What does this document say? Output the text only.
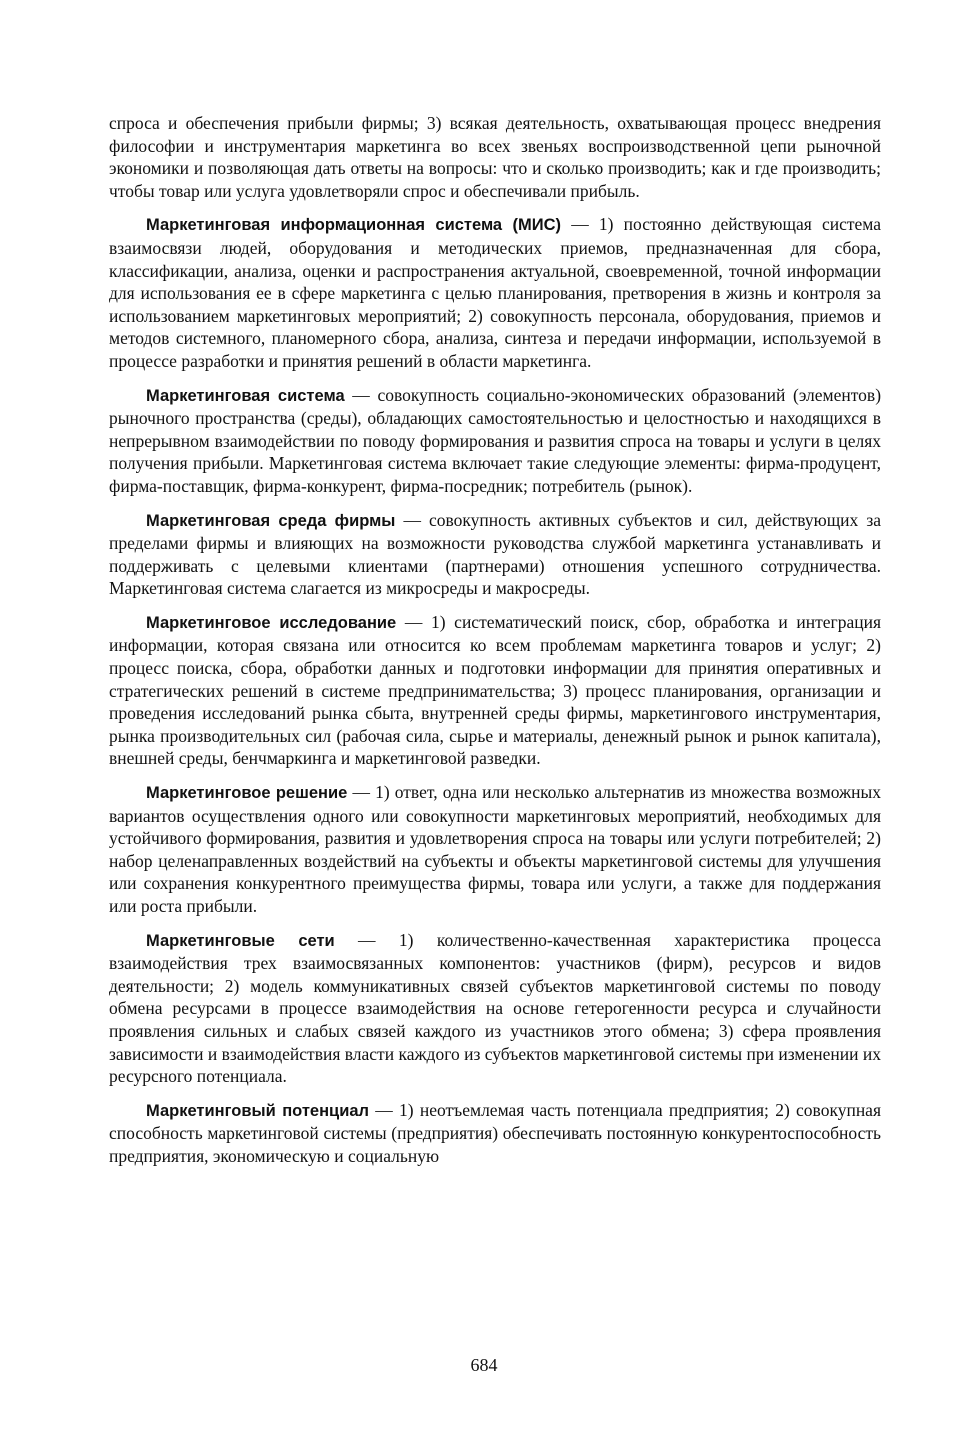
спроса и обеспечения прибыли фирмы; 3) всякая деятельность, охватывающая процесс внедрения философии и инструментария маркетинга во всех звеньях воспроизводственной цепи рыночной экономики и позволяющая дать ответы на вопросы: что и сколько производить; как и где производить; чтобы товар или услуга удовлетворяли спрос и обеспечивали прибыль.

Маркетинговая информационная система (МИС) — 1) постоянно действующая система взаимосвязи людей, оборудования и методических приемов, предназначенная для сбора, классификации, анализа, оценки и распространения актуальной, своевременной, точной информации для использования ее в сфере маркетинга с целью планирования, претворения в жизнь и контроля за использованием маркетинговых мероприятий; 2) совокупность персонала, оборудования, приемов и методов системного, планомерного сбора, анализа, синтеза и передачи информации, используемой в процессе разработки и принятия решений в области маркетинга.

Маркетинговая система — совокупность социально-экономических образований (элементов) рыночного пространства (среды), обладающих самостоятельностью и целостностью и находящихся в непрерывном взаимодействии по поводу формирования и развития спроса на товары и услуги в целях получения прибыли. Маркетинговая система включает такие следующие элементы: фирма-продуцент, фирма-поставщик, фирма-конкурент, фирма-посредник; потребитель (рынок).

Маркетинговая среда фирмы — совокупность активных субъектов и сил, действующих за пределами фирмы и влияющих на возможности руководства службой маркетинга устанавливать и поддерживать с целевыми клиентами (партнерами) отношения успешного сотрудничества. Маркетинговая система слагается из микросреды и макросреды.

Маркетинговое исследование — 1) систематический поиск, сбор, обработка и интеграция информации, которая связана или относится ко всем проблемам маркетинга товаров и услуг; 2) процесс поиска, сбора, обработки данных и подготовки информации для принятия оперативных и стратегических решений в системе предпринимательства; 3) процесс планирования, организации и проведения исследований рынка сбыта, внутренней среды фирмы, маркетингового инструментария, рынка производительных сил (рабочая сила, сырье и материалы, денежный рынок и рынок капитала), внешней среды, бенчмаркинга и маркетинговой разведки.

Маркетинговое решение — 1) ответ, одна или несколько альтернатив из множества возможных вариантов осуществления одного или совокупности маркетинговых мероприятий, необходимых для устойчивого формирования, развития и удовлетворения спроса на товары или услуги потребителей; 2) набор целенаправленных воздействий на субъекты и объекты маркетинговой системы для улучшения или сохранения конкурентного преимущества фирмы, товара или услуги, а также для поддержания или роста прибыли.

Маркетинговые сети — 1) количественно-качественная характеристика процесса взаимодействия трех взаимосвязанных компонентов: участников (фирм), ресурсов и видов деятельности; 2) модель коммуникативных связей субъектов маркетинговой системы по поводу обмена ресурсами в процессе взаимодействия на основе гетерогенности ресурса и случайности проявления сильных и слабых связей каждого из участников этого обмена; 3) сфера проявления зависимости и взаимодействия власти каждого из субъектов маркетинговой системы при изменении их ресурсного потенциала.

Маркетинговый потенциал — 1) неотъемлемая часть потенциала предприятия; 2) совокупная способность маркетинговой системы (предприятия) обеспечивать постоянную конкурентоспособность предприятия, экономическую и социальную

684
